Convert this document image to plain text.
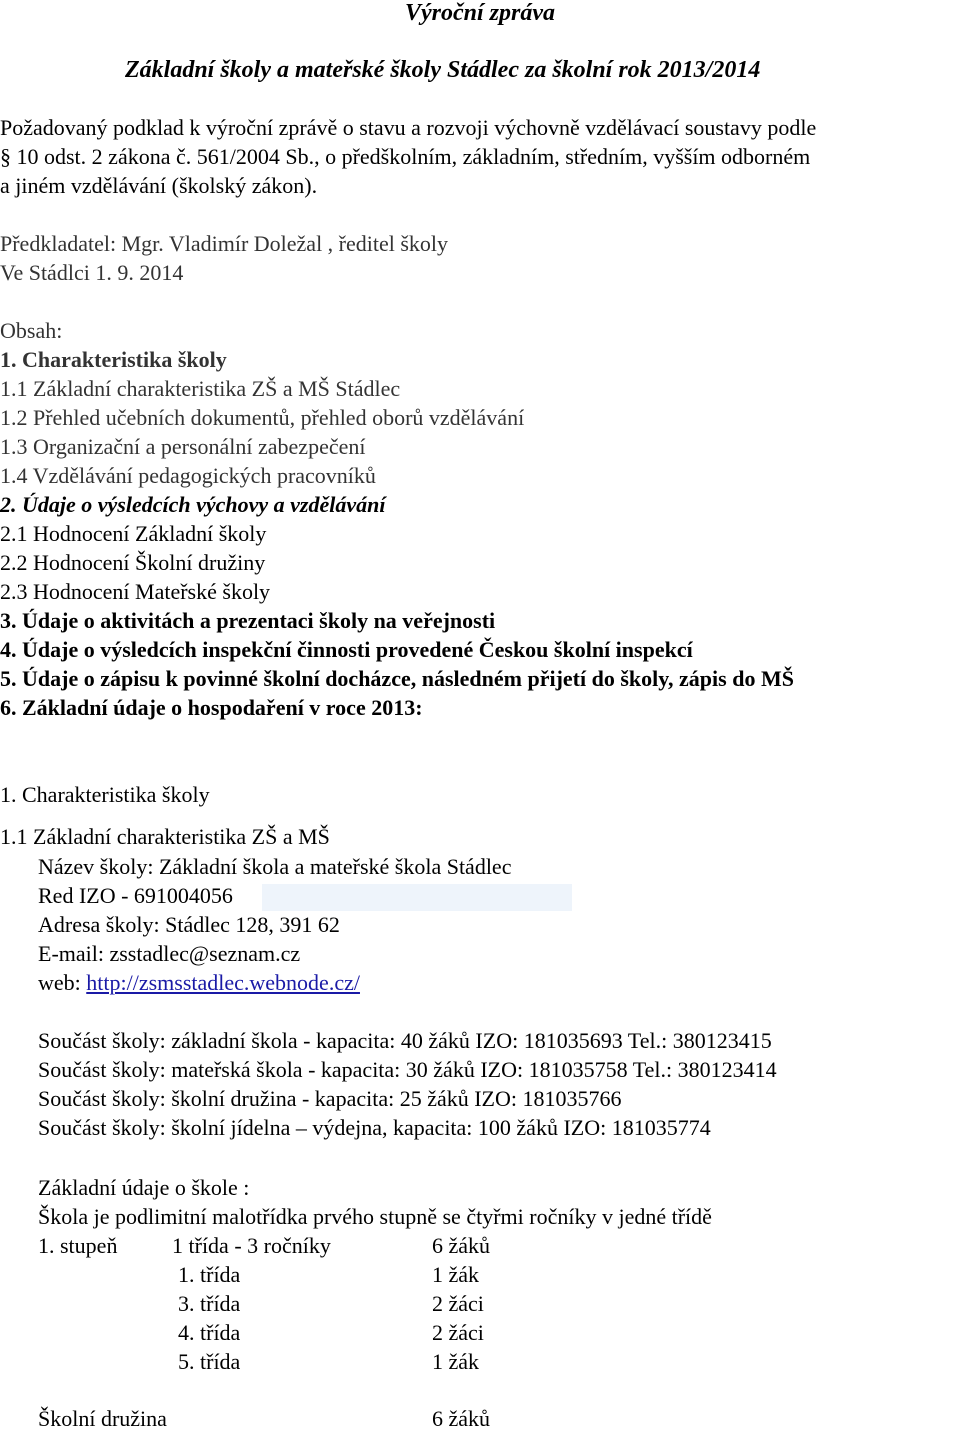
Výroční zpráva
Základní školy a mateřské školy Stádlec za školní rok 2013/2014
Požadovaný podklad k výroční zprávě o stavu a rozvoji výchovně vzdělávací soustavy podle
§ 10 odst. 2 zákona č. 561/2004 Sb., o předškolním, základním, středním, vyšším odborném
a jiném vzdělávání (školský zákon).
Předkladatel: Mgr. Vladimír Doležal , ředitel školy
Ve Stádlci 1. 9. 2014
Obsah:
1. Charakteristika školy
1.1 Základní charakteristika ZŠ a MŠ Stádlec
1.2 Přehled učebních dokumentů, přehled oborů vzdělávání
1.3 Organizační a personální zabezpečení
1.4 Vzdělávání pedagogických pracovníků
2. Údaje o výsledcích výchovy a vzdělávání
2.1 Hodnocení Základní školy
2.2 Hodnocení Školní družiny
2.3 Hodnocení Mateřské školy
3. Údaje o aktivitách a prezentaci školy na veřejnosti
4. Údaje o výsledcích inspekční činnosti provedené Českou školní inspekcí
5. Údaje o zápisu k povinné školní docházce, následném přijetí do školy, zápis do MŠ
6. Základní údaje o hospodaření v roce 2013:
1. Charakteristika školy
1.1 Základní charakteristika ZŠ a MŠ
Název školy: Základní škola a mateřské škola Stádlec
Red IZO - 691004056
Adresa školy: Stádlec 128, 391 62
E-mail: zsstadlec@seznam.cz
web: http://zsmsstadlec.webnode.cz/
Součást školy: základní škola - kapacita: 40 žáků IZO: 181035693 Tel.: 380123415
Součást školy: mateřská škola - kapacita: 30 žáků IZO: 181035758 Tel.: 380123414
Součást školy: školní družina - kapacita: 25 žáků IZO: 181035766
Součást školy: školní jídelna – výdejna, kapacita: 100 žáků IZO: 181035774
Základní údaje o škole :
Škola je podlimitní malotřídka prvého stupně se čtyřmi ročníky v jedné třídě
1. stupeň 1 třída - 3 ročníky	6 žáků
1. třída	1 žák
3. třída	2 žáci
4. třída	2 žáci
5. třída	1 žák
Školní družina	6 žáků
